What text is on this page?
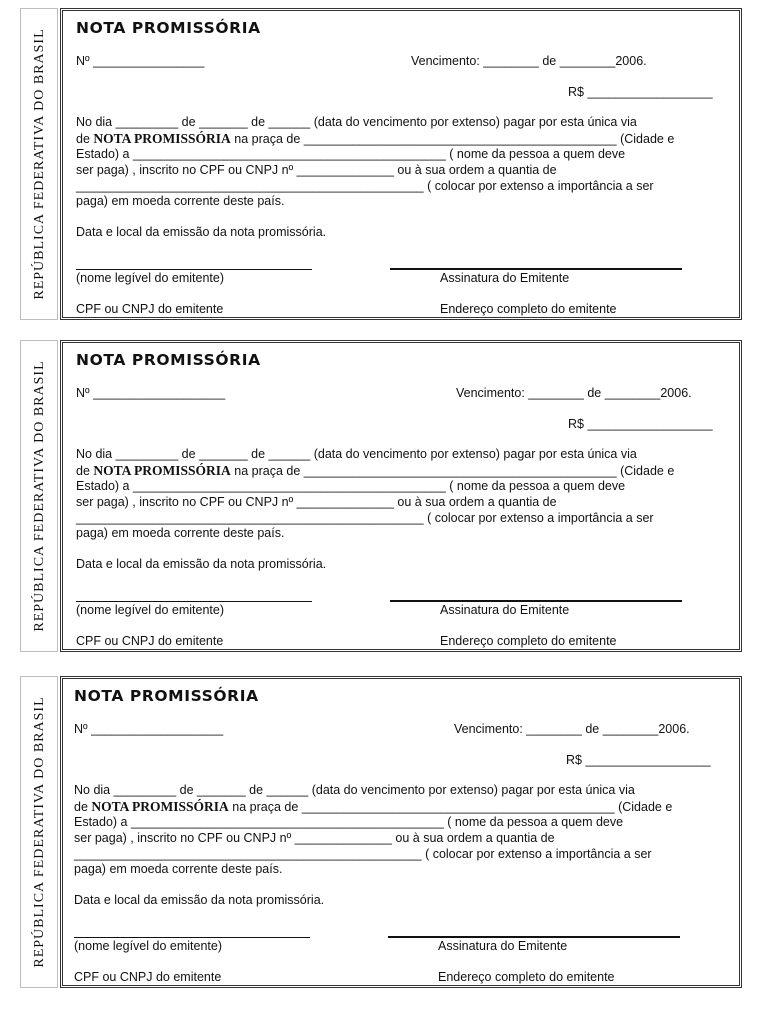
REPÚBLICA FEDERATIVA DO BRASIL
NOTA PROMISSÓRIA
Nº ________________	Vencimento: ________ de ________2006.
R$ __________________
No dia _________ de _______ de ______ (data do vencimento por extenso) pagar por esta única via
de NOTA PROMISSÓRIA na praça de _____________________________________________ (Cidade e
Estado) a _____________________________________________ ( nome da pessoa a quem deve
ser paga) , inscrito no CPF ou CNPJ nº ______________ ou à sua ordem a quantia de
__________________________________________________ ( colocar por extenso a importância a ser
paga) em moeda corrente deste país.
Data e local da emissão da nota promissória.
(nome legível do emitente)	Assinatura do Emitente
CPF ou CNPJ do emitente	Endereço completo do emitente
REPÚBLICA FEDERATIVA DO BRASIL
NOTA PROMISSÓRIA
Nº ___________________	Vencimento: ________ de ________2006.
R$ __________________
No dia _________ de _______ de ______ (data do vencimento por extenso) pagar por esta única via
de NOTA PROMISSÓRIA na praça de _____________________________________________ (Cidade e
Estado) a _____________________________________________ ( nome da pessoa a quem deve
ser paga) , inscrito no CPF ou CNPJ nº ______________ ou à sua ordem a quantia de
__________________________________________________ ( colocar por extenso a importância a ser
paga) em moeda corrente deste país.
Data e local da emissão da nota promissória.
(nome legível do emitente)	Assinatura do Emitente
CPF ou CNPJ do emitente	Endereço completo do emitente
REPÚBLICA FEDERATIVA DO BRASIL
NOTA PROMISSÓRIA
Nº ___________________	Vencimento: ________ de ________2006.
R$ __________________
No dia _________ de _______ de ______ (data do vencimento por extenso) pagar por esta única via
de NOTA PROMISSÓRIA na praça de _____________________________________________ (Cidade e
Estado) a _____________________________________________ ( nome da pessoa a quem deve
ser paga) , inscrito no CPF ou CNPJ nº ______________ ou à sua ordem a quantia de
__________________________________________________ ( colocar por extenso a importância a ser
paga) em moeda corrente deste país.
Data e local da emissão da nota promissória.
(nome legível do emitente)	Assinatura do Emitente
CPF ou CNPJ do emitente	Endereço completo do emitente
